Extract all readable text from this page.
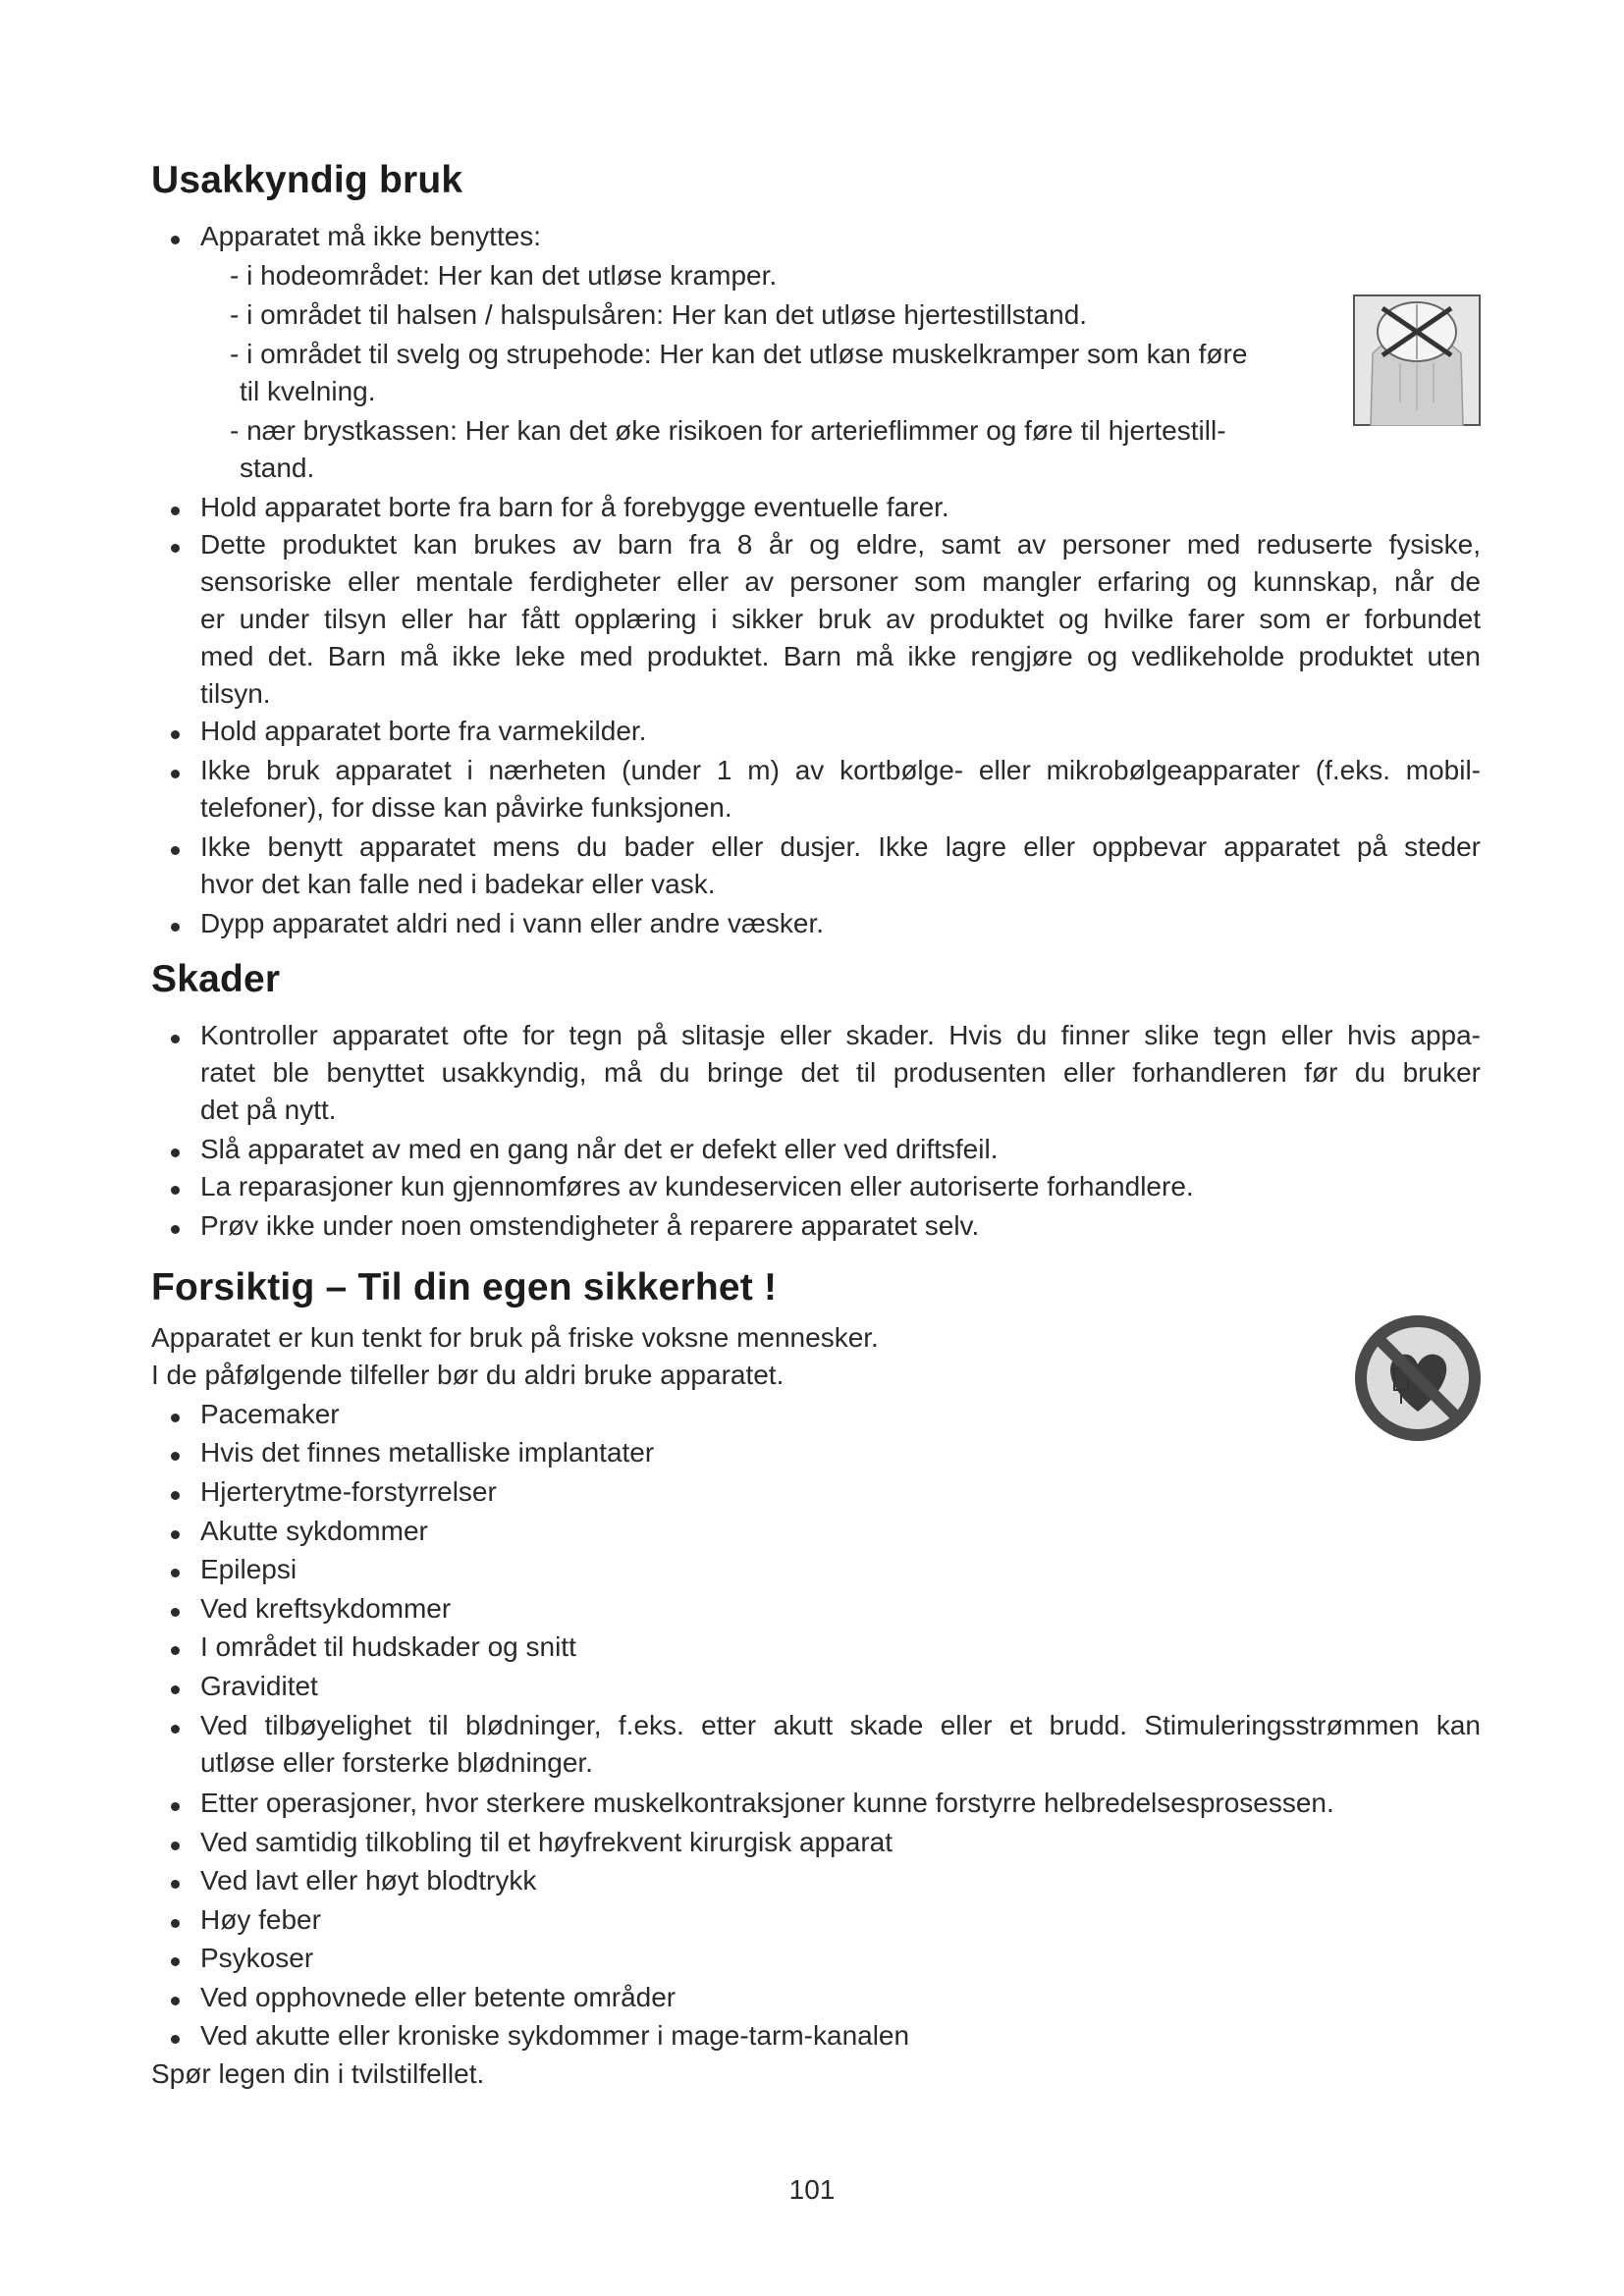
Usakkyndig bruk
Apparatet må ikke benyttes:
- i hodeområdet: Her kan det utløse kramper.
- i området til halsen / halspulsåren: Her kan det utløse hjertestillstand.
- i området til svelg og strupehode: Her kan det utløse muskelkramper som kan føre
til kvelning.
- nær brystkassen: Her kan det øke risikoen for arterieflimmer og føre til hjertestill-
stand.
Hold apparatet borte fra barn for å forebygge eventuelle farer.
Dette produktet kan brukes av barn fra 8 år og eldre, samt av personer med reduserte fysiske,
sensoriske eller mentale ferdigheter eller av personer som mangler erfaring og kunnskap, når de
er under tilsyn eller har fått opplæring i sikker bruk av produktet og hvilke farer som er forbundet
med det. Barn må ikke leke med produktet. Barn må ikke rengjøre og vedlikeholde produktet uten
tilsyn.
Hold apparatet borte fra varmekilder.
Ikke bruk apparatet i nærheten (under 1 m) av kortbølge- eller mikrobølgeapparater (f.eks. mobil-
telefoner), for disse kan påvirke funksjonen.
Ikke benytt apparatet mens du bader eller dusjer. Ikke lagre eller oppbevar apparatet på steder
hvor det kan falle ned i badekar eller vask.
Dypp apparatet aldri ned i vann eller andre væsker.
Skader
Kontroller apparatet ofte for tegn på slitasje eller skader. Hvis du finner slike tegn eller hvis appa-
ratet ble benyttet usakkyndig, må du bringe det til produsenten eller forhandleren før du bruker
det på nytt.
Slå apparatet av med en gang når det er defekt eller ved driftsfeil.
La reparasjoner kun gjennomføres av kundeservicen eller autoriserte forhandlere.
Prøv ikke under noen omstendigheter å reparere apparatet selv.
Forsiktig – Til din egen sikkerhet !
Apparatet er kun tenkt for bruk på friske voksne mennesker.
I de påfølgende tilfeller bør du aldri bruke apparatet.
Pacemaker
Hvis det finnes metalliske implantater
Hjerterytme-forstyrrelser
Akutte sykdommer
Epilepsi
Ved kreftsykdommer
I området til hudskader og snitt
Graviditet
Ved tilbøyelighet til blødninger, f.eks. etter akutt skade eller et brudd. Stimuleringsstrømmen kan
utløse eller forsterke blødninger.
Etter operasjoner, hvor sterkere muskelkontraksjoner kunne forstyrre helbredelsesprosessen.
Ved samtidig tilkobling til et høyfrekvent kirurgisk apparat
Ved lavt eller høyt blodtrykk
Høy feber
Psykoser
Ved opphovnede eller betente områder
Ved akutte eller kroniske sykdommer i mage-tarm-kanalen
Spør legen din i tvilstilfellet.
101
